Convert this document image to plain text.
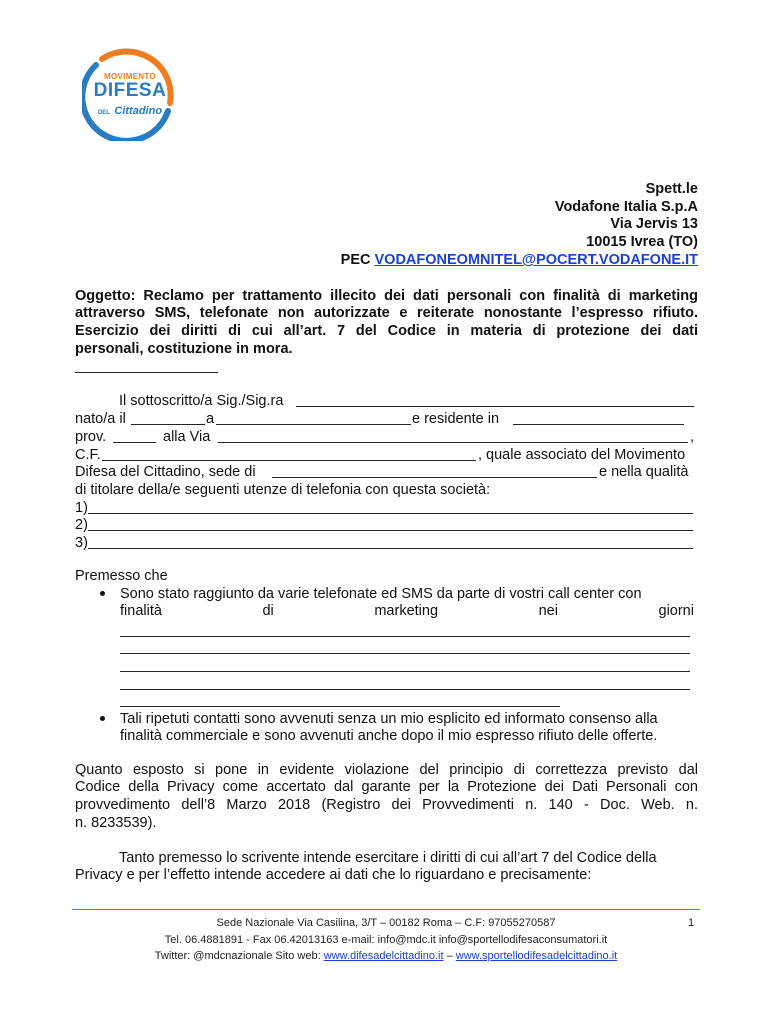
MOVIMENTO
DIFESA
DEL Cittadino
Spett.le
Vodafone Italia S.p.A
Via Jervis 13
10015 Ivrea (TO)
PEC VODAFONEOMNITEL@POCERT.VODAFONE.IT
Oggetto: Reclamo per trattamento illecito dei dati personali con finalità di marketing
attraverso SMS, telefonate non autorizzate e reiterate nonostante l’espresso rifiuto.
Esercizio dei diritti di cui all’art. 7 del Codice in materia di protezione dei dati
personali, costituzione in mora.
Il sottoscritto/a Sig./Sig.ra
nato/a il	a	e residente in
prov.	alla Via	,
C.F.	, quale associato del Movimento
Difesa del Cittadino, sede di	e nella qualità
di titolare della/e seguenti utenze di telefonia con questa società:
1)
2)
3)
Premesso che
Sono stato raggiunto da varie telefonate ed SMS da parte di vostri call center con
finalità	di	marketing	nei	giorni
Tali ripetuti contatti sono avvenuti senza un mio esplicito ed informato consenso alla
finalità commerciale e sono avvenuti anche dopo il mio espresso rifiuto delle offerte.
Quanto esposto si pone in evidente violazione del principio di correttezza previsto dal
Codice della Privacy come accertato dal garante per la Protezione dei Dati Personali con
provvedimento dell’8 Marzo 2018 (Registro dei Provvedimenti n. 140 - Doc. Web. n.
n. 8233539).
Tanto premesso lo scrivente intende esercitare i diritti di cui all’art 7 del Codice della
Privacy e per l’effetto intende accedere ai dati che lo riguardano e precisamente:
Sede Nazionale Via Casilina, 3/T – 00182 Roma – C.F: 97055270587	1
Tel. 06.4881891 - Fax 06.42013163 e-mail: info@mdc.it info@sportellodifesaconsumatori.it
Twitter: @mdcnazionale Sito web: www.difesadelcittadino.it – www.sportellodifesadelcittadino.it
